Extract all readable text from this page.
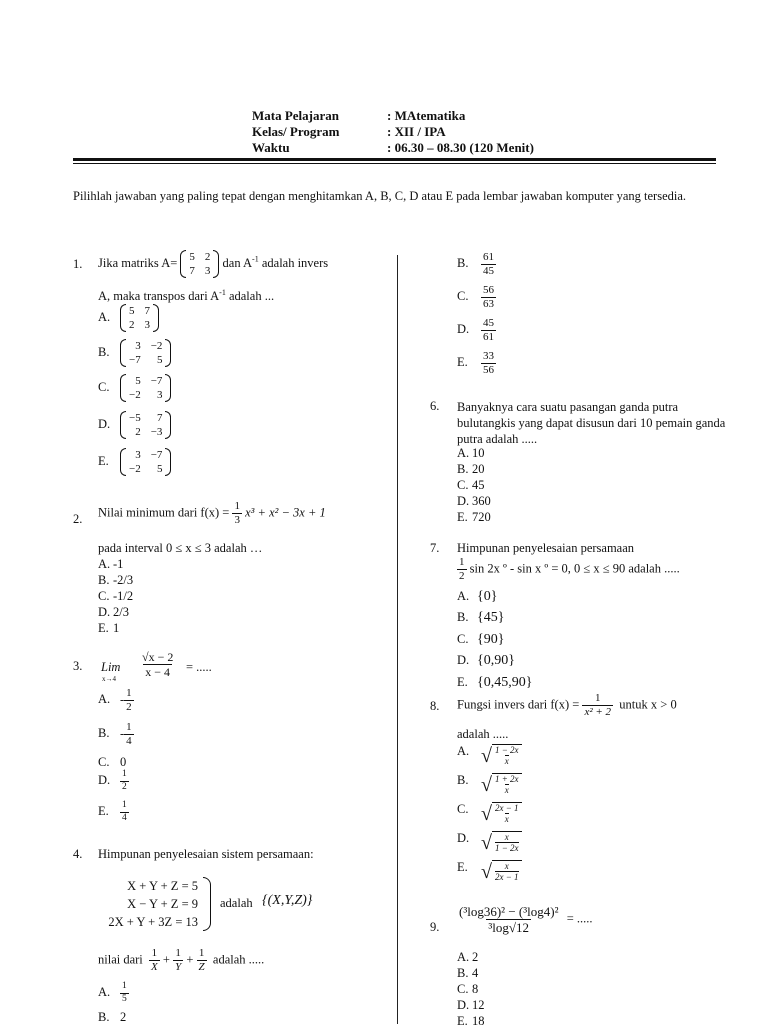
Mata Pelajaran	: MAtematika
Kelas/ Program	: XII / IPA
Waktu	: 06.30 – 08.30 (120 Menit)
Pilihlah jawaban yang paling tepat dengan menghitamkan A, B, C, D atau E pada lembar jawaban komputer yang tersedia.
1. Jika matriks A= 5 2
7 3
dan $A^{-1}$ adalah invers
A, maka transpos dari $A^{-1}$ adalah ...
A. 5 7
2 3
B.	3 −2
−7	5
C.	5 −7
−2	3
D. −5	7
2 −3
E.	3 −7
−2	5
2. Nilai minimum dari $f(x) = \frac{1}{3} x^3 + x^2 - 3x + 1$
pada interval 0 ≤ x ≤ 3 adalah …
A. -1
B. -2/3
C. -1/2
D. 2/3
E. 1
3. Lim
x→4
$\frac{√x - 2}{x - 4}$ = .....
A. - $\frac{1}{2}$
B. - $\frac{1}{4}$
C. 0
D. $\frac{1}{2}$
E. $\frac{1}{4}$
4. Himpunan penyelesaian sistem persamaan:
X + Y + Z = 5
X − Y + Z = 9
2X + Y + 3Z = 13
adalah {(X,Y,Z)}
nilai dari $\frac{1}{X} + \frac{1}{Y} + \frac{1}{Z}$ adalah .....
A. $\frac{1}{5}$
B. 2
B. $\frac{61}{45}$
C. $\frac{56}{63}$
D. $\frac{45}{61}$
E. $\frac{33}{56}$
6. Banyaknya cara suatu pasangan ganda putra bulutangkis yang dapat disusun dari 10 pemain ganda putra adalah .....
A. 10
B. 20
C. 45
D. 360
E. 720
7. Himpunan penyelesaian persamaan
$\frac{1}{2}$ sin 2x º - sin x º = 0, 0 ≤ x ≤ 90 adalah .....
A. {0}
B. {45}
C. {90}
D. {0,90}
E. {0,45,90}
8. Fungsi invers dari $f(x) = \frac{1}{\text{x² + 2}}$ untuk x > 0
adalah .....
A. √ $\frac{1 - 2x}{x}$
B. √ $\frac{1 + 2x}{x}$
C. √ $\frac{2x - 1}{x}$
D. √ $\frac{x}{1 - 2x}$
E. √ $\frac{x}{2x - 1}$
9. $\frac{\text{(³log36)² − (³log4)²}}{\text{³log√12}}$ = .....
A. 2
B. 4
C. 8
D. 12
E. 18
